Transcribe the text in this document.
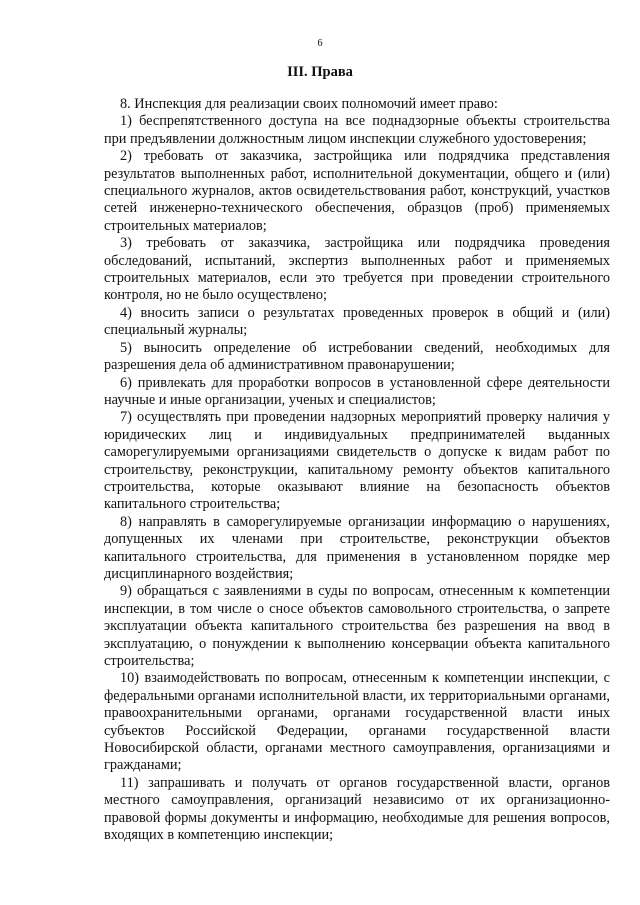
6
III. Права

8. Инспекция для реализации своих полномочий имеет право:

1) беспрепятственного доступа на все поднадзорные объекты строительства при предъявлении должностным лицом инспекции служебного удостоверения;

2) требовать от заказчика, застройщика или подрядчика представления результатов выполненных работ, исполнительной документации, общего и (или) специального журналов, актов освидетельствования работ, конструкций, участков сетей инженерно-технического обеспечения, образцов (проб) применяемых строительных материалов;

3) требовать от заказчика, застройщика или подрядчика проведения обследований, испытаний, экспертиз выполненных работ и применяемых строительных материалов, если это требуется при проведении строительного контроля, но не было осуществлено;

4) вносить записи о результатах проведенных проверок в общий и (или) специальный журналы;

5) выносить определение об истребовании сведений, необходимых для разрешения дела об административном правонарушении;

6) привлекать для проработки вопросов в установленной сфере деятельности научные и иные организации, ученых и специалистов;

7) осуществлять при проведении надзорных мероприятий проверку наличия у юридических лиц и индивидуальных предпринимателей выданных саморегулируемыми организациями свидетельств о допуске к видам работ по строительству, реконструкции, капитальному ремонту объектов капитального строительства, которые оказывают влияние на безопасность объектов капитального строительства;

8) направлять в саморегулируемые организации информацию о нарушениях, допущенных их членами при строительстве, реконструкции объектов капитального строительства, для применения в установленном порядке мер дисциплинарного воздействия;

9) обращаться с заявлениями в суды по вопросам, отнесенным к компетенции инспекции, в том числе о сносе объектов самовольного строительства, о запрете эксплуатации объекта капитального строительства без разрешения на ввод в эксплуатацию, о понуждении к выполнению консервации объекта капитального строительства;

10) взаимодействовать по вопросам, отнесенным к компетенции инспекции, с федеральными органами исполнительной власти, их территориальными органами, правоохранительными органами, органами государственной власти иных субъектов Российской Федерации, органами государственной власти Новосибирской области, органами местного самоуправления, организациями и гражданами;

11) запрашивать и получать от органов государственной власти, органов местного самоуправления, организаций независимо от их организационно-правовой формы документы и информацию, необходимые для решения вопросов, входящих в компетенцию инспекции;
